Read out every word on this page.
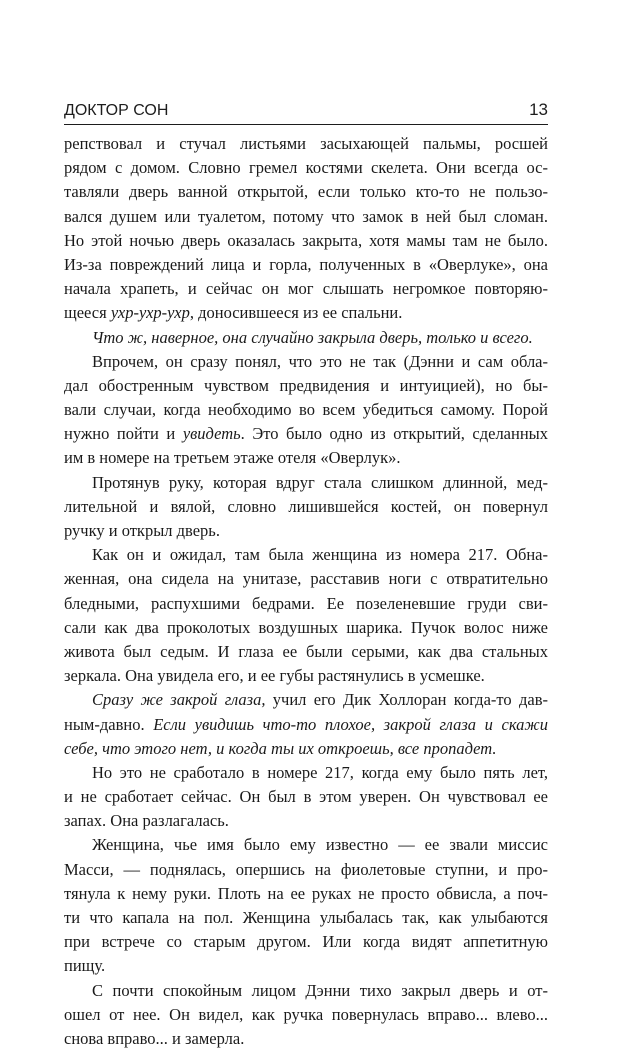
ДОКТОР СОН	13
репствовал и стучал листьями засыхающей пальмы, росшей
рядом с домом. Словно гремел костями скелета. Они всегда ос-
тавляли дверь ванной открытой, если только кто-то не пользо-
вался душем или туалетом, потому что замок в ней был сломан.
Но этой ночью дверь оказалась закрыта, хотя мамы там не было.
Из-за повреждений лица и горла, полученных в «Оверлуке», она
начала храпеть, и сейчас он мог слышать негромкое повторяю-
щееся ухр-ухр-ухр, доносившееся из ее спальни.
Что ж, наверное, она случайно закрыла дверь, только и всего.
Впрочем, он сразу понял, что это не так (Дэнни и сам обла-
дал обостренным чувством предвидения и интуицией), но бы-
вали случаи, когда необходимо во всем убедиться самому. Порой
нужно пойти и увидеть. Это было одно из открытий, сделанных
им в номере на третьем этаже отеля «Оверлук».
Протянув руку, которая вдруг стала слишком длинной, мед-
лительной и вялой, словно лишившейся костей, он повернул
ручку и открыл дверь.
Как он и ожидал, там была женщина из номера 217. Обна-
женная, она сидела на унитазе, расставив ноги с отвратительно
бледными, распухшими бедрами. Ее позеленевшие груди сви-
сали как два проколотых воздушных шарика. Пучок волос ниже
живота был седым. И глаза ее были серыми, как два стальных
зеркала. Она увидела его, и ее губы растянулись в усмешке.
Сразу же закрой глаза, учил его Дик Холлоран когда-то дав-
ным-давно. Если увидишь что-то плохое, закрой глаза и скажи
себе, что этого нет, и когда ты их откроешь, все пропадет.
Но это не сработало в номере 217, когда ему было пять лет,
и не сработает сейчас. Он был в этом уверен. Он чувствовал ее
запах. Она разлагалась.
Женщина, чье имя было ему известно — ее звали миссис
Масси, — поднялась, опершись на фиолетовые ступни, и про-
тянула к нему руки. Плоть на ее руках не просто обвисла, а поч-
ти что капала на пол. Женщина улыбалась так, как улыбаются
при встрече со старым другом. Или когда видят аппетитную
пищу.
С почти спокойным лицом Дэнни тихо закрыл дверь и от-
ошел от нее. Он видел, как ручка повернулась вправо... влево...
снова вправо... и замерла.
